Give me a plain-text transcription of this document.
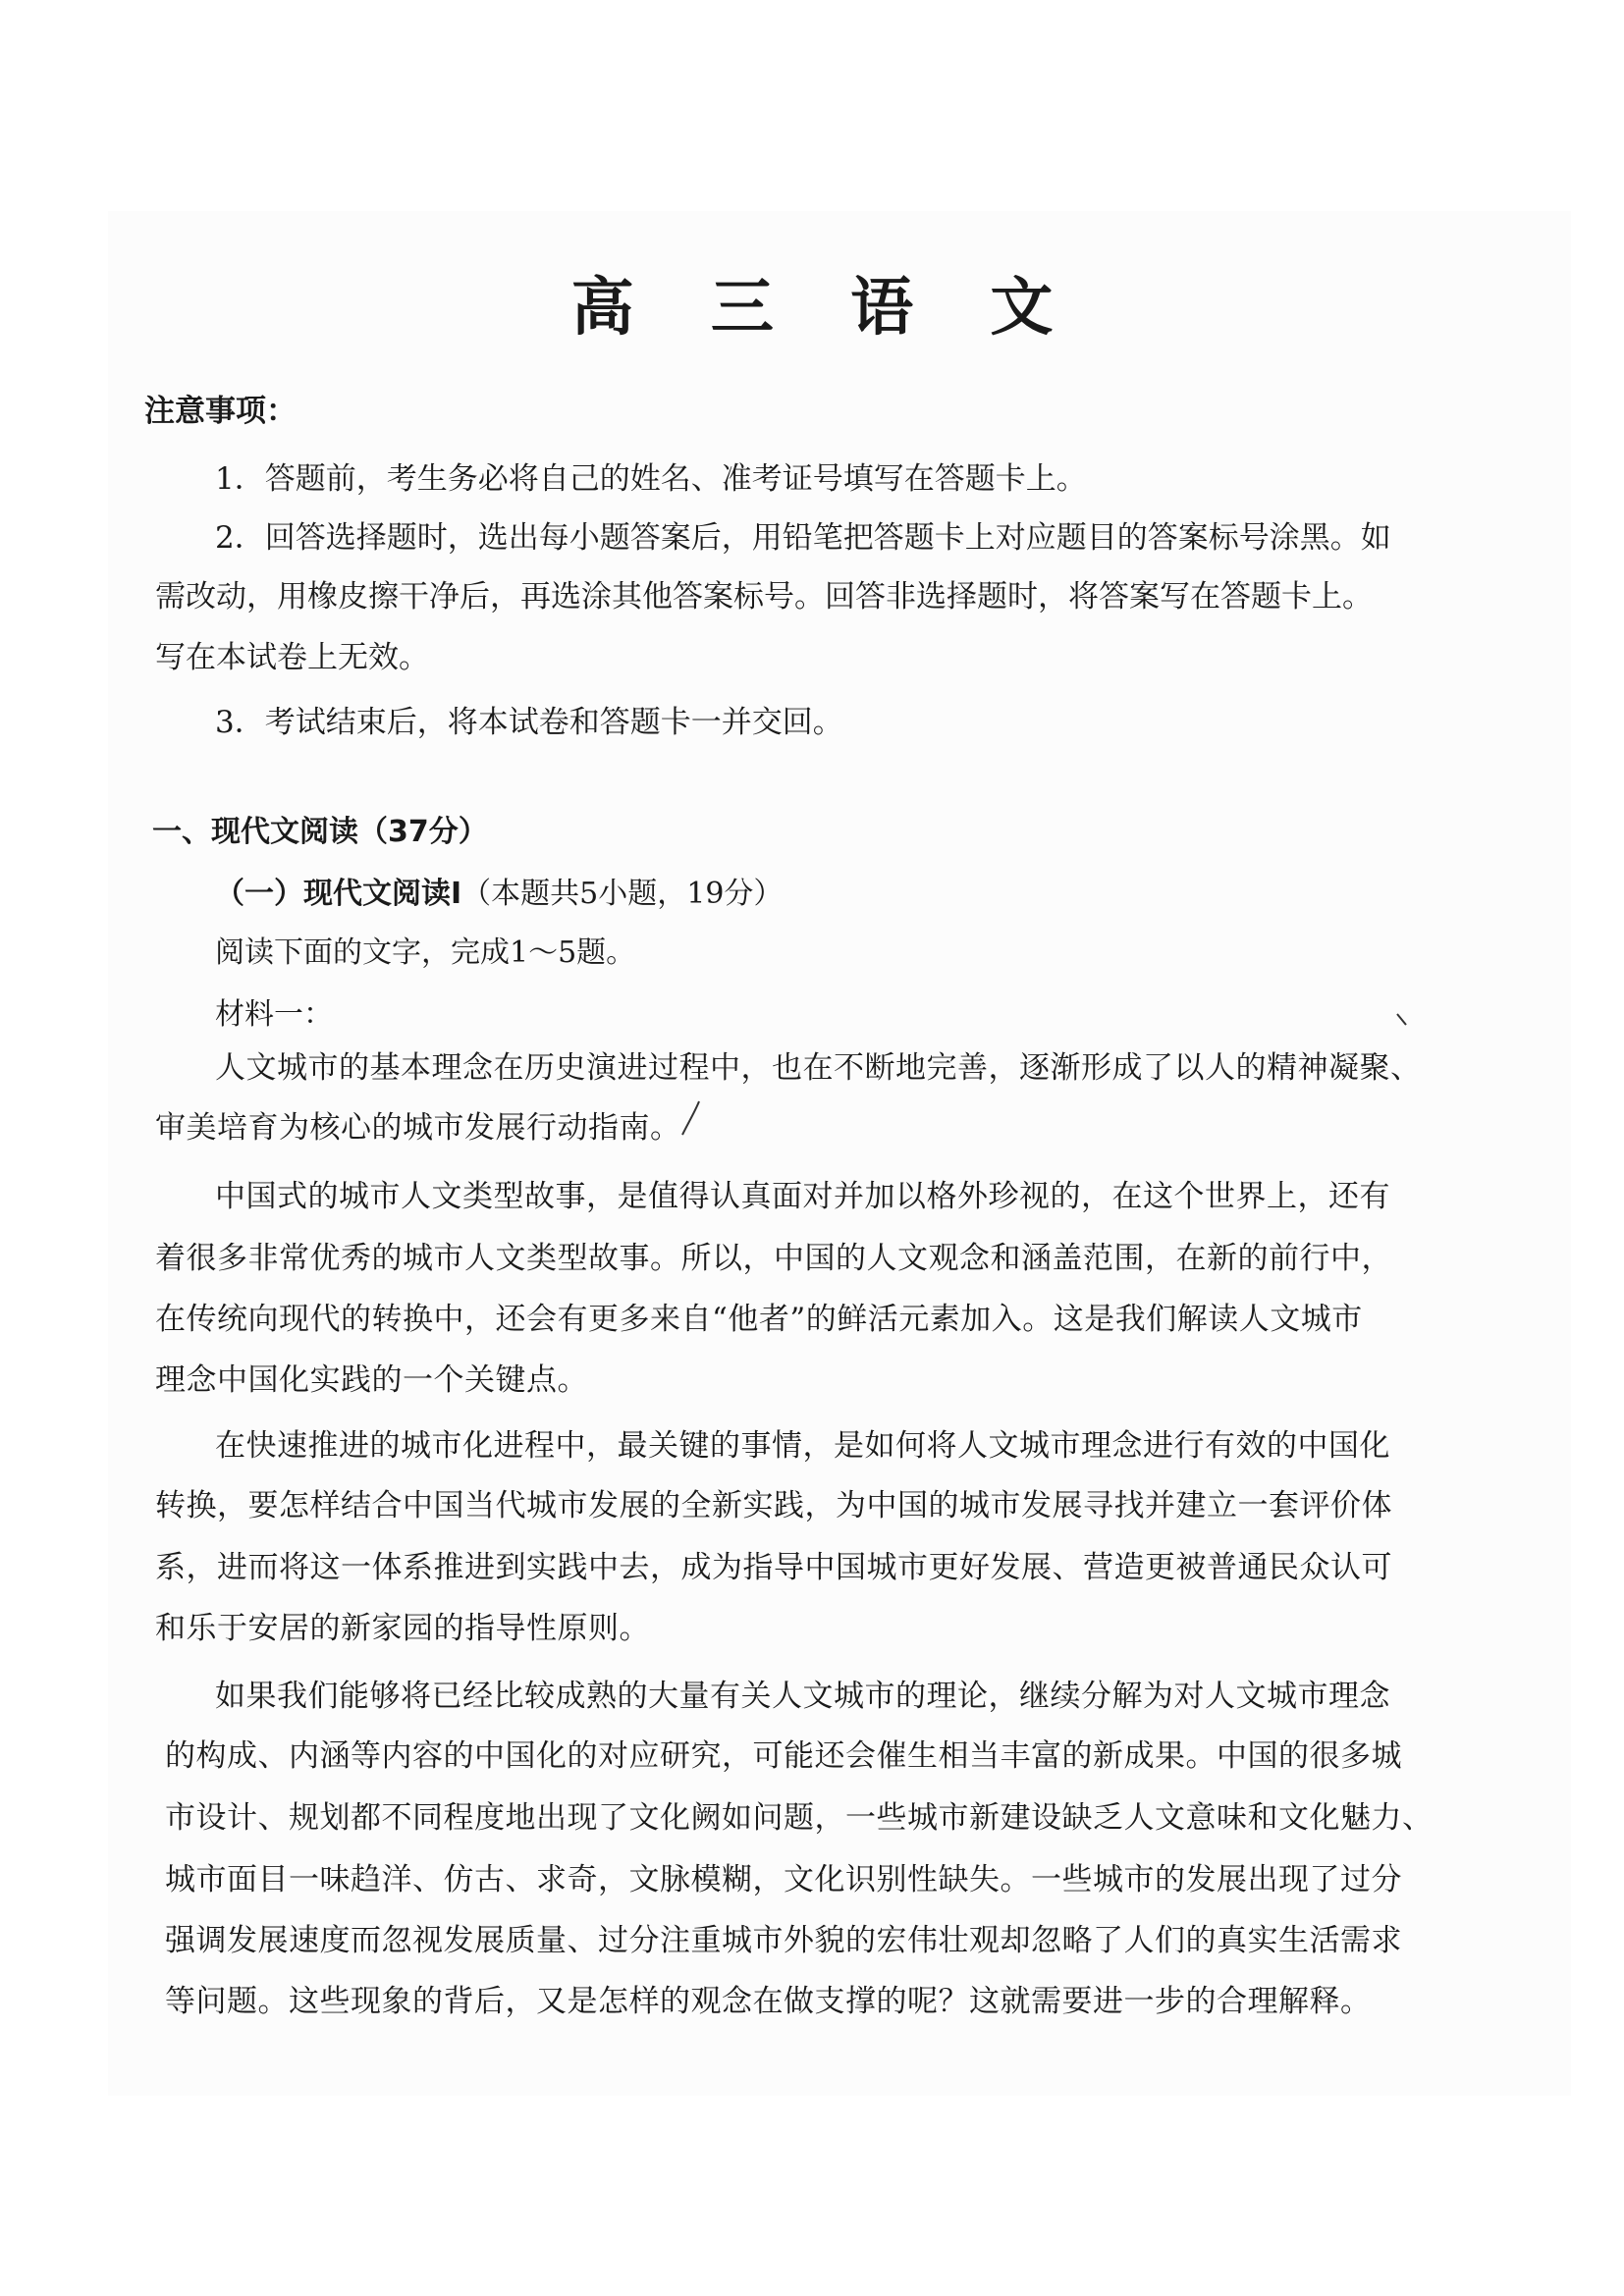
高 三 语 文
注意事项：
1．答题前，考生务必将自己的姓名、准考证号填写在答题卡上。
2．回答选择题时，选出每小题答案后，用铅笔把答题卡上对应题目的答案标号涂黑。如
需改动，用橡皮擦干净后，再选涂其他答案标号。回答非选择题时，将答案写在答题卡上。
写在本试卷上无效。
3．考试结束后，将本试卷和答题卡一并交回。
一、现代文阅读（37分）
（一）现代文阅读Ⅰ（本题共5小题，19分）
阅读下面的文字，完成1～5题。
材料一：
人文城市的基本理念在历史演进过程中，也在不断地完善，逐渐形成了以人的精神凝聚、
审美培育为核心的城市发展行动指南。
中国式的城市人文类型故事，是值得认真面对并加以格外珍视的，在这个世界上，还有
着很多非常优秀的城市人文类型故事。所以，中国的人文观念和涵盖范围，在新的前行中，
在传统向现代的转换中，还会有更多来自“他者”的鲜活元素加入。这是我们解读人文城市
理念中国化实践的一个关键点。
在快速推进的城市化进程中，最关键的事情，是如何将人文城市理念进行有效的中国化
转换，要怎样结合中国当代城市发展的全新实践，为中国的城市发展寻找并建立一套评价体
系，进而将这一体系推进到实践中去，成为指导中国城市更好发展、营造更被普通民众认可
和乐于安居的新家园的指导性原则。
如果我们能够将已经比较成熟的大量有关人文城市的理论，继续分解为对人文城市理念
的构成、内涵等内容的中国化的对应研究，可能还会催生相当丰富的新成果。中国的很多城
市设计、规划都不同程度地出现了文化阙如问题，一些城市新建设缺乏人文意味和文化魅力、
城市面目一味趋洋、仿古、求奇，文脉模糊，文化识别性缺失。一些城市的发展出现了过分
强调发展速度而忽视发展质量、过分注重城市外貌的宏伟壮观却忽略了人们的真实生活需求
等问题。这些现象的背后，又是怎样的观念在做支撑的呢？这就需要进一步的合理解释。
